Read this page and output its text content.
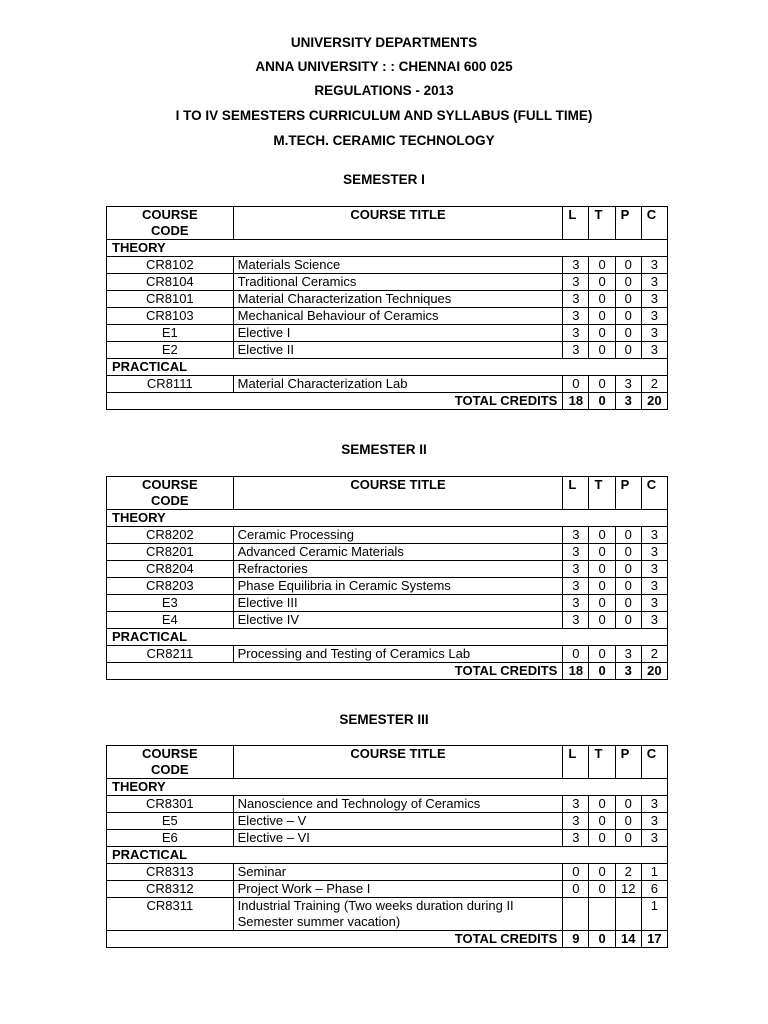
UNIVERSITY DEPARTMENTS
ANNA UNIVERSITY : : CHENNAI 600 025
REGULATIONS - 2013
I TO IV SEMESTERS CURRICULUM AND SYLLABUS (FULL TIME)
M.TECH. CERAMIC TECHNOLOGY
SEMESTER I
COURSE
CODE	COURSE TITLE	L	T	P	C
THEORY					
CR8102	Materials Science	3	0	0	3
CR8104	Traditional Ceramics	3	0	0	3
CR8101	Material Characterization Techniques	3	0	0	3
CR8103	Mechanical Behaviour of Ceramics	3	0	0	3
E1	Elective I	3	0	0	3
E2	Elective II	3	0	0	3
PRACTICAL					
CR8111	Material Characterization Lab	0	0	3	2
TOTAL CREDITS		18	0	3	20
SEMESTER II
COURSE
CODE	COURSE TITLE	L	T	P	C
THEORY					
CR8202	Ceramic Processing	3	0	0	3
CR8201	Advanced Ceramic Materials	3	0	0	3
CR8204	Refractories	3	0	0	3
CR8203	Phase Equilibria in Ceramic Systems	3	0	0	3
E3	Elective III	3	0	0	3
E4	Elective IV	3	0	0	3
PRACTICAL					
CR8211	Processing and Testing of Ceramics Lab	0	0	3	2
TOTAL CREDITS		18	0	3	20
SEMESTER III
COURSE
CODE	COURSE TITLE	L	T	P	C
THEORY					
CR8301	Nanoscience and Technology of Ceramics	3	0	0	3
E5	Elective – V	3	0	0	3
E6	Elective – VI	3	0	0	3
PRACTICAL					
CR8313	Seminar	0	0	2	1
CR8312	Project Work – Phase I	0	0	12	6
CR8311	Industrial Training (Two weeks duration during II Semester summer vacation)				1
TOTAL CREDITS		9	0	14	17
